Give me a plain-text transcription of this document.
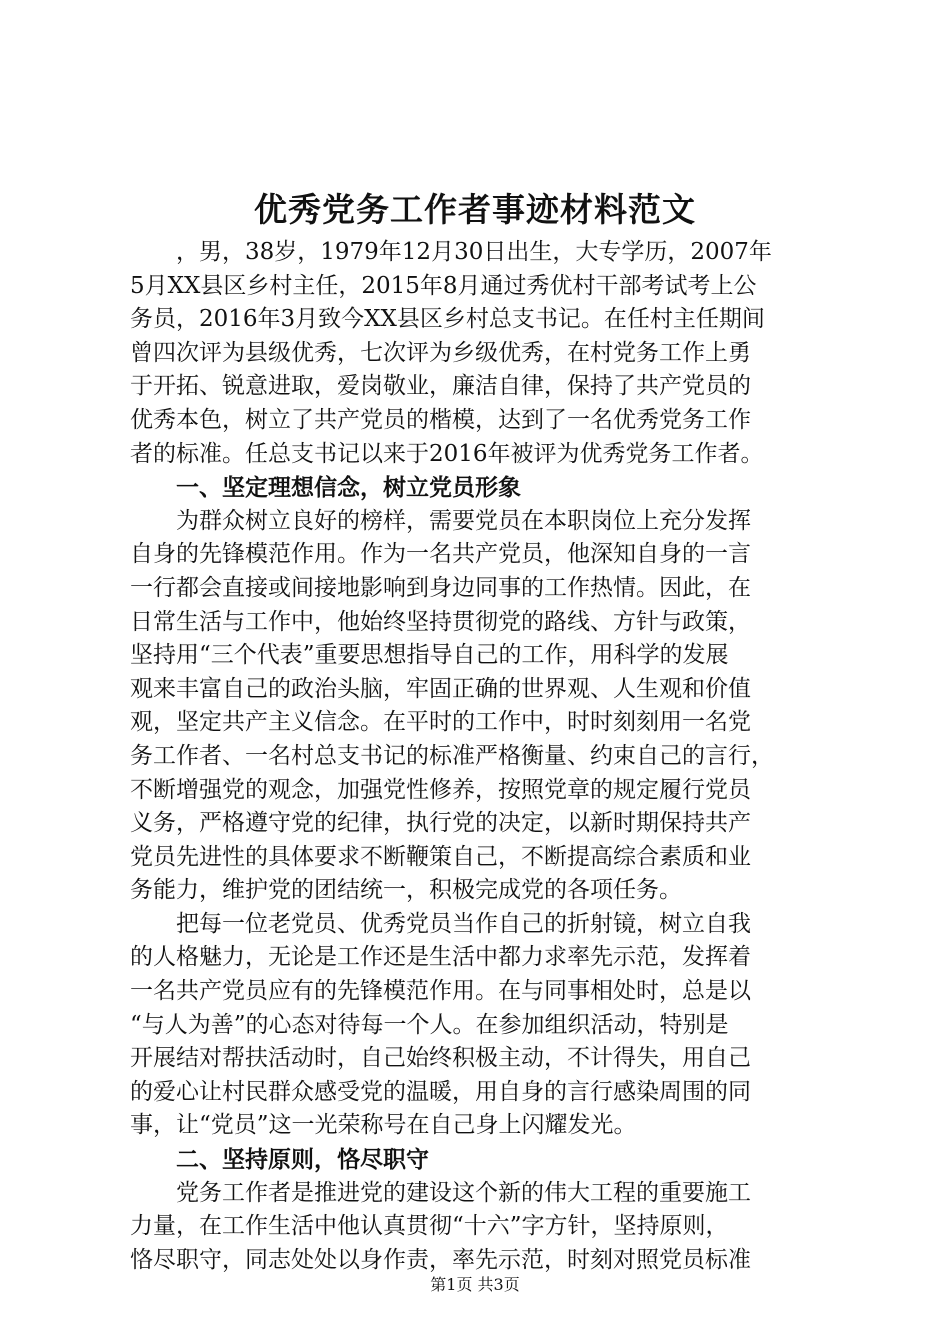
优秀党务工作者事迹材料范文
　　，男，38岁，1979年12月30日出生，大专学历，2007年
5月XX县区乡村主任，2015年8月通过秀优村干部考试考上公
务员，2016年3月致今XX县区乡村总支书记。在任村主任期间
曾四次评为县级优秀，七次评为乡级优秀，在村党务工作上勇
于开拓、锐意进取，爱岗敬业，廉洁自律，保持了共产党员的
优秀本色，树立了共产党员的楷模，达到了一名优秀党务工作
者的标准。任总支书记以来于2016年被评为优秀党务工作者。
　　一、坚定理想信念，树立党员形象
　　为群众树立良好的榜样，需要党员在本职岗位上充分发挥
自身的先锋模范作用。作为一名共产党员，他深知自身的一言
一行都会直接或间接地影响到身边同事的工作热情。因此，在
日常生活与工作中，他始终坚持贯彻党的路线、方针与政策，
坚持用“三个代表”重要思想指导自己的工作，用科学的发展
观来丰富自己的政治头脑，牢固正确的世界观、人生观和价值
观，坚定共产主义信念。在平时的工作中，时时刻刻用一名党
务工作者、一名村总支书记的标准严格衡量、约束自己的言行，
不断增强党的观念，加强党性修养，按照党章的规定履行党员
义务，严格遵守党的纪律，执行党的决定，以新时期保持共产
党员先进性的具体要求不断鞭策自己，不断提高综合素质和业
务能力，维护党的团结统一，积极完成党的各项任务。
　　把每一位老党员、优秀党员当作自己的折射镜，树立自我
的人格魅力，无论是工作还是生活中都力求率先示范，发挥着
一名共产党员应有的先锋模范作用。在与同事相处时，总是以
“与人为善”的心态对待每一个人。在参加组织活动，特别是
开展结对帮扶活动时，自己始终积极主动，不计得失，用自己
的爱心让村民群众感受党的温暖，用自身的言行感染周围的同
事，让“党员”这一光荣称号在自己身上闪耀发光。
　　二、坚持原则，恪尽职守
　　党务工作者是推进党的建设这个新的伟大工程的重要施工
力量，在工作生活中他认真贯彻“十六”字方针，坚持原则，
恪尽职守，同志处处以身作责，率先示范，时刻对照党员标准
第1页 共3页
